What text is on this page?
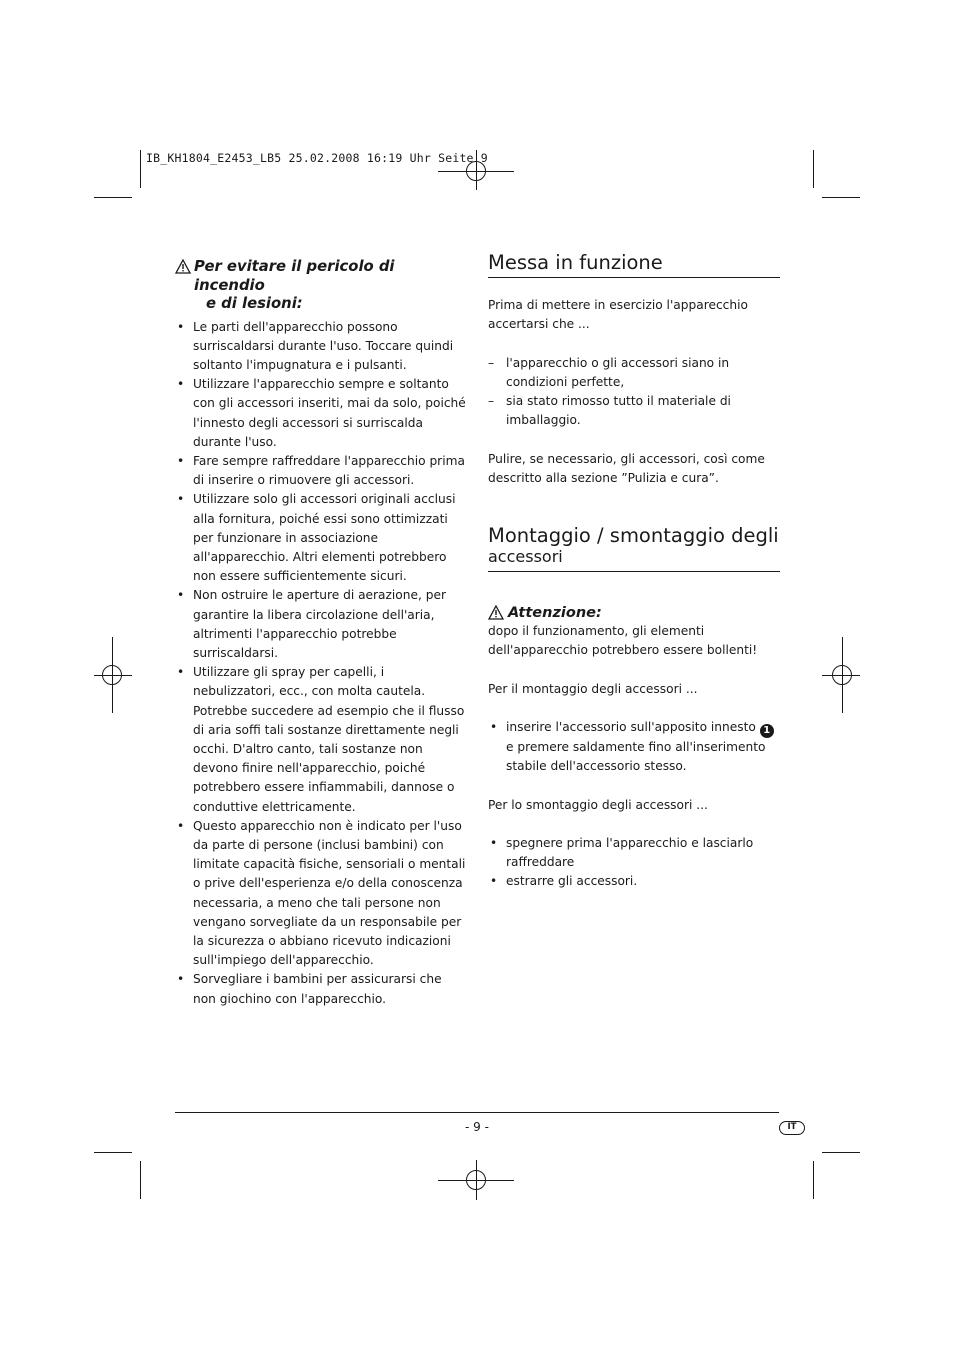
IB_KH1804_E2453_LB5 25.02.2008 16:19 Uhr Seite 9
Per evitare il pericolo di incendio
e di lesioni:
• Le parti dell'apparecchio possono surriscaldarsi durante l'uso. Toccare quindi soltanto l'impugnatura e i pulsanti.
• Utilizzare l'apparecchio sempre e soltanto con gli accessori inseriti, mai da solo, poiché l'innesto degli accessori si surriscalda durante l'uso.
• Fare sempre raffreddare l'apparecchio prima di inserire o rimuovere gli accessori.
• Utilizzare solo gli accessori originali acclusi alla fornitura, poiché essi sono ottimizzati per funzionare in associazione all'apparecchio. Altri elementi potrebbero non essere sufficientemente sicuri.
• Non ostruire le aperture di aerazione, per garantire la libera circolazione dell'aria, altrimenti l'apparecchio potrebbe surriscaldarsi.
• Utilizzare gli spray per capelli, i nebulizzatori, ecc., con molta cautela. Potrebbe succedere ad esempio che il flusso di aria soffi tali sostanze direttamente negli occhi. D'altro canto, tali sostanze non devono finire nell'apparecchio, poiché potrebbero essere infiammabili, dannose o conduttive elettricamente.
• Questo apparecchio non è indicato per l'uso da parte di persone (inclusi bambini) con limitate capacità fisiche, sensoriali o mentali o prive dell'esperienza e/o della conoscenza necessaria, a meno che tali persone non vengano sorvegliate da un responsabile per la sicurezza o abbiano ricevuto indicazioni sull'impiego dell'apparecchio.
• Sorvegliare i bambini per assicurarsi che non giochino con l'apparecchio.
Messa in funzione

Prima di mettere in esercizio l'apparecchio accertarsi che ...

– l'apparecchio o gli accessori siano in condizioni perfette,
– sia stato rimosso tutto il materiale di imballaggio.

Pulire, se necessario, gli accessori, così come descritto alla sezione ”Pulizia e cura”.

Montaggio / smontaggio degli
accessori
Attenzione:

dopo il funzionamento, gli elementi dell'apparecchio potrebbero essere bollenti!

Per il montaggio degli accessori ...

• inserire l'accessorio sull'apposito innesto 1 e premere saldamente fino all'inserimento stabile dell'accessorio stesso.

Per lo smontaggio degli accessori ...

• spegnere prima l'apparecchio e lasciarlo raffreddare
• estrarre gli accessori.
- 9 -	IT
